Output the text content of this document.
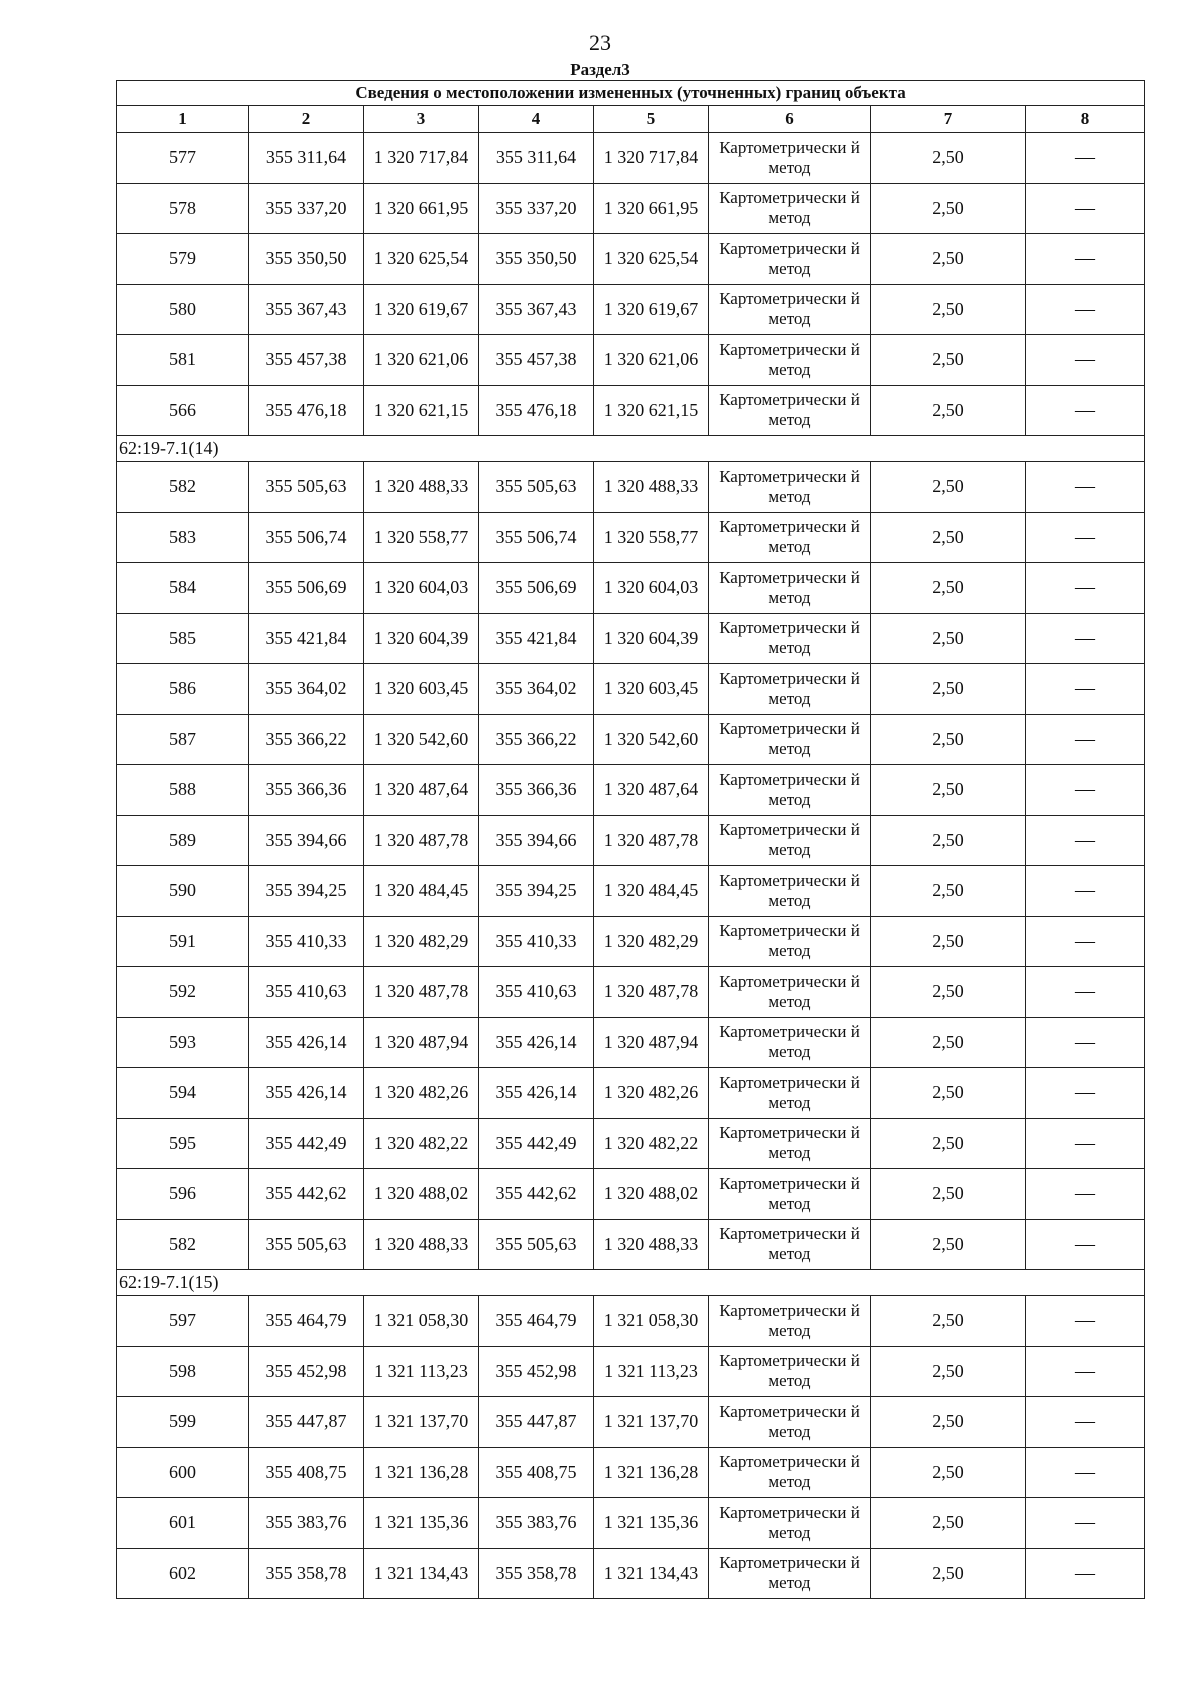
23
Раздел3
Сведения о местоположении измененных (уточненных) границ объекта							
1	2	3	4	5	6	7	8
577	355 311,64	1 320 717,84	355 311,64	1 320 717,84	Картометрически й метод	2,50	—
578	355 337,20	1 320 661,95	355 337,20	1 320 661,95	Картометрически й метод	2,50	—
579	355 350,50	1 320 625,54	355 350,50	1 320 625,54	Картометрически й метод	2,50	—
580	355 367,43	1 320 619,67	355 367,43	1 320 619,67	Картометрически й метод	2,50	—
581	355 457,38	1 320 621,06	355 457,38	1 320 621,06	Картометрически й метод	2,50	—
566	355 476,18	1 320 621,15	355 476,18	1 320 621,15	Картометрически й метод	2,50	—
62:19-7.1(14)							
582	355 505,63	1 320 488,33	355 505,63	1 320 488,33	Картометрически й метод	2,50	—
583	355 506,74	1 320 558,77	355 506,74	1 320 558,77	Картометрически й метод	2,50	—
584	355 506,69	1 320 604,03	355 506,69	1 320 604,03	Картометрически й метод	2,50	—
585	355 421,84	1 320 604,39	355 421,84	1 320 604,39	Картометрически й метод	2,50	—
586	355 364,02	1 320 603,45	355 364,02	1 320 603,45	Картометрически й метод	2,50	—
587	355 366,22	1 320 542,60	355 366,22	1 320 542,60	Картометрически й метод	2,50	—
588	355 366,36	1 320 487,64	355 366,36	1 320 487,64	Картометрически й метод	2,50	—
589	355 394,66	1 320 487,78	355 394,66	1 320 487,78	Картометрически й метод	2,50	—
590	355 394,25	1 320 484,45	355 394,25	1 320 484,45	Картометрически й метод	2,50	—
591	355 410,33	1 320 482,29	355 410,33	1 320 482,29	Картометрически й метод	2,50	—
592	355 410,63	1 320 487,78	355 410,63	1 320 487,78	Картометрически й метод	2,50	—
593	355 426,14	1 320 487,94	355 426,14	1 320 487,94	Картометрически й метод	2,50	—
594	355 426,14	1 320 482,26	355 426,14	1 320 482,26	Картометрически й метод	2,50	—
595	355 442,49	1 320 482,22	355 442,49	1 320 482,22	Картометрически й метод	2,50	—
596	355 442,62	1 320 488,02	355 442,62	1 320 488,02	Картометрически й метод	2,50	—
582	355 505,63	1 320 488,33	355 505,63	1 320 488,33	Картометрически й метод	2,50	—
62:19-7.1(15)							
597	355 464,79	1 321 058,30	355 464,79	1 321 058,30	Картометрически й метод	2,50	—
598	355 452,98	1 321 113,23	355 452,98	1 321 113,23	Картометрически й метод	2,50	—
599	355 447,87	1 321 137,70	355 447,87	1 321 137,70	Картометрически й метод	2,50	—
600	355 408,75	1 321 136,28	355 408,75	1 321 136,28	Картометрически й метод	2,50	—
601	355 383,76	1 321 135,36	355 383,76	1 321 135,36	Картометрически й метод	2,50	—
602	355 358,78	1 321 134,43	355 358,78	1 321 134,43	Картометрически й метод	2,50	—
